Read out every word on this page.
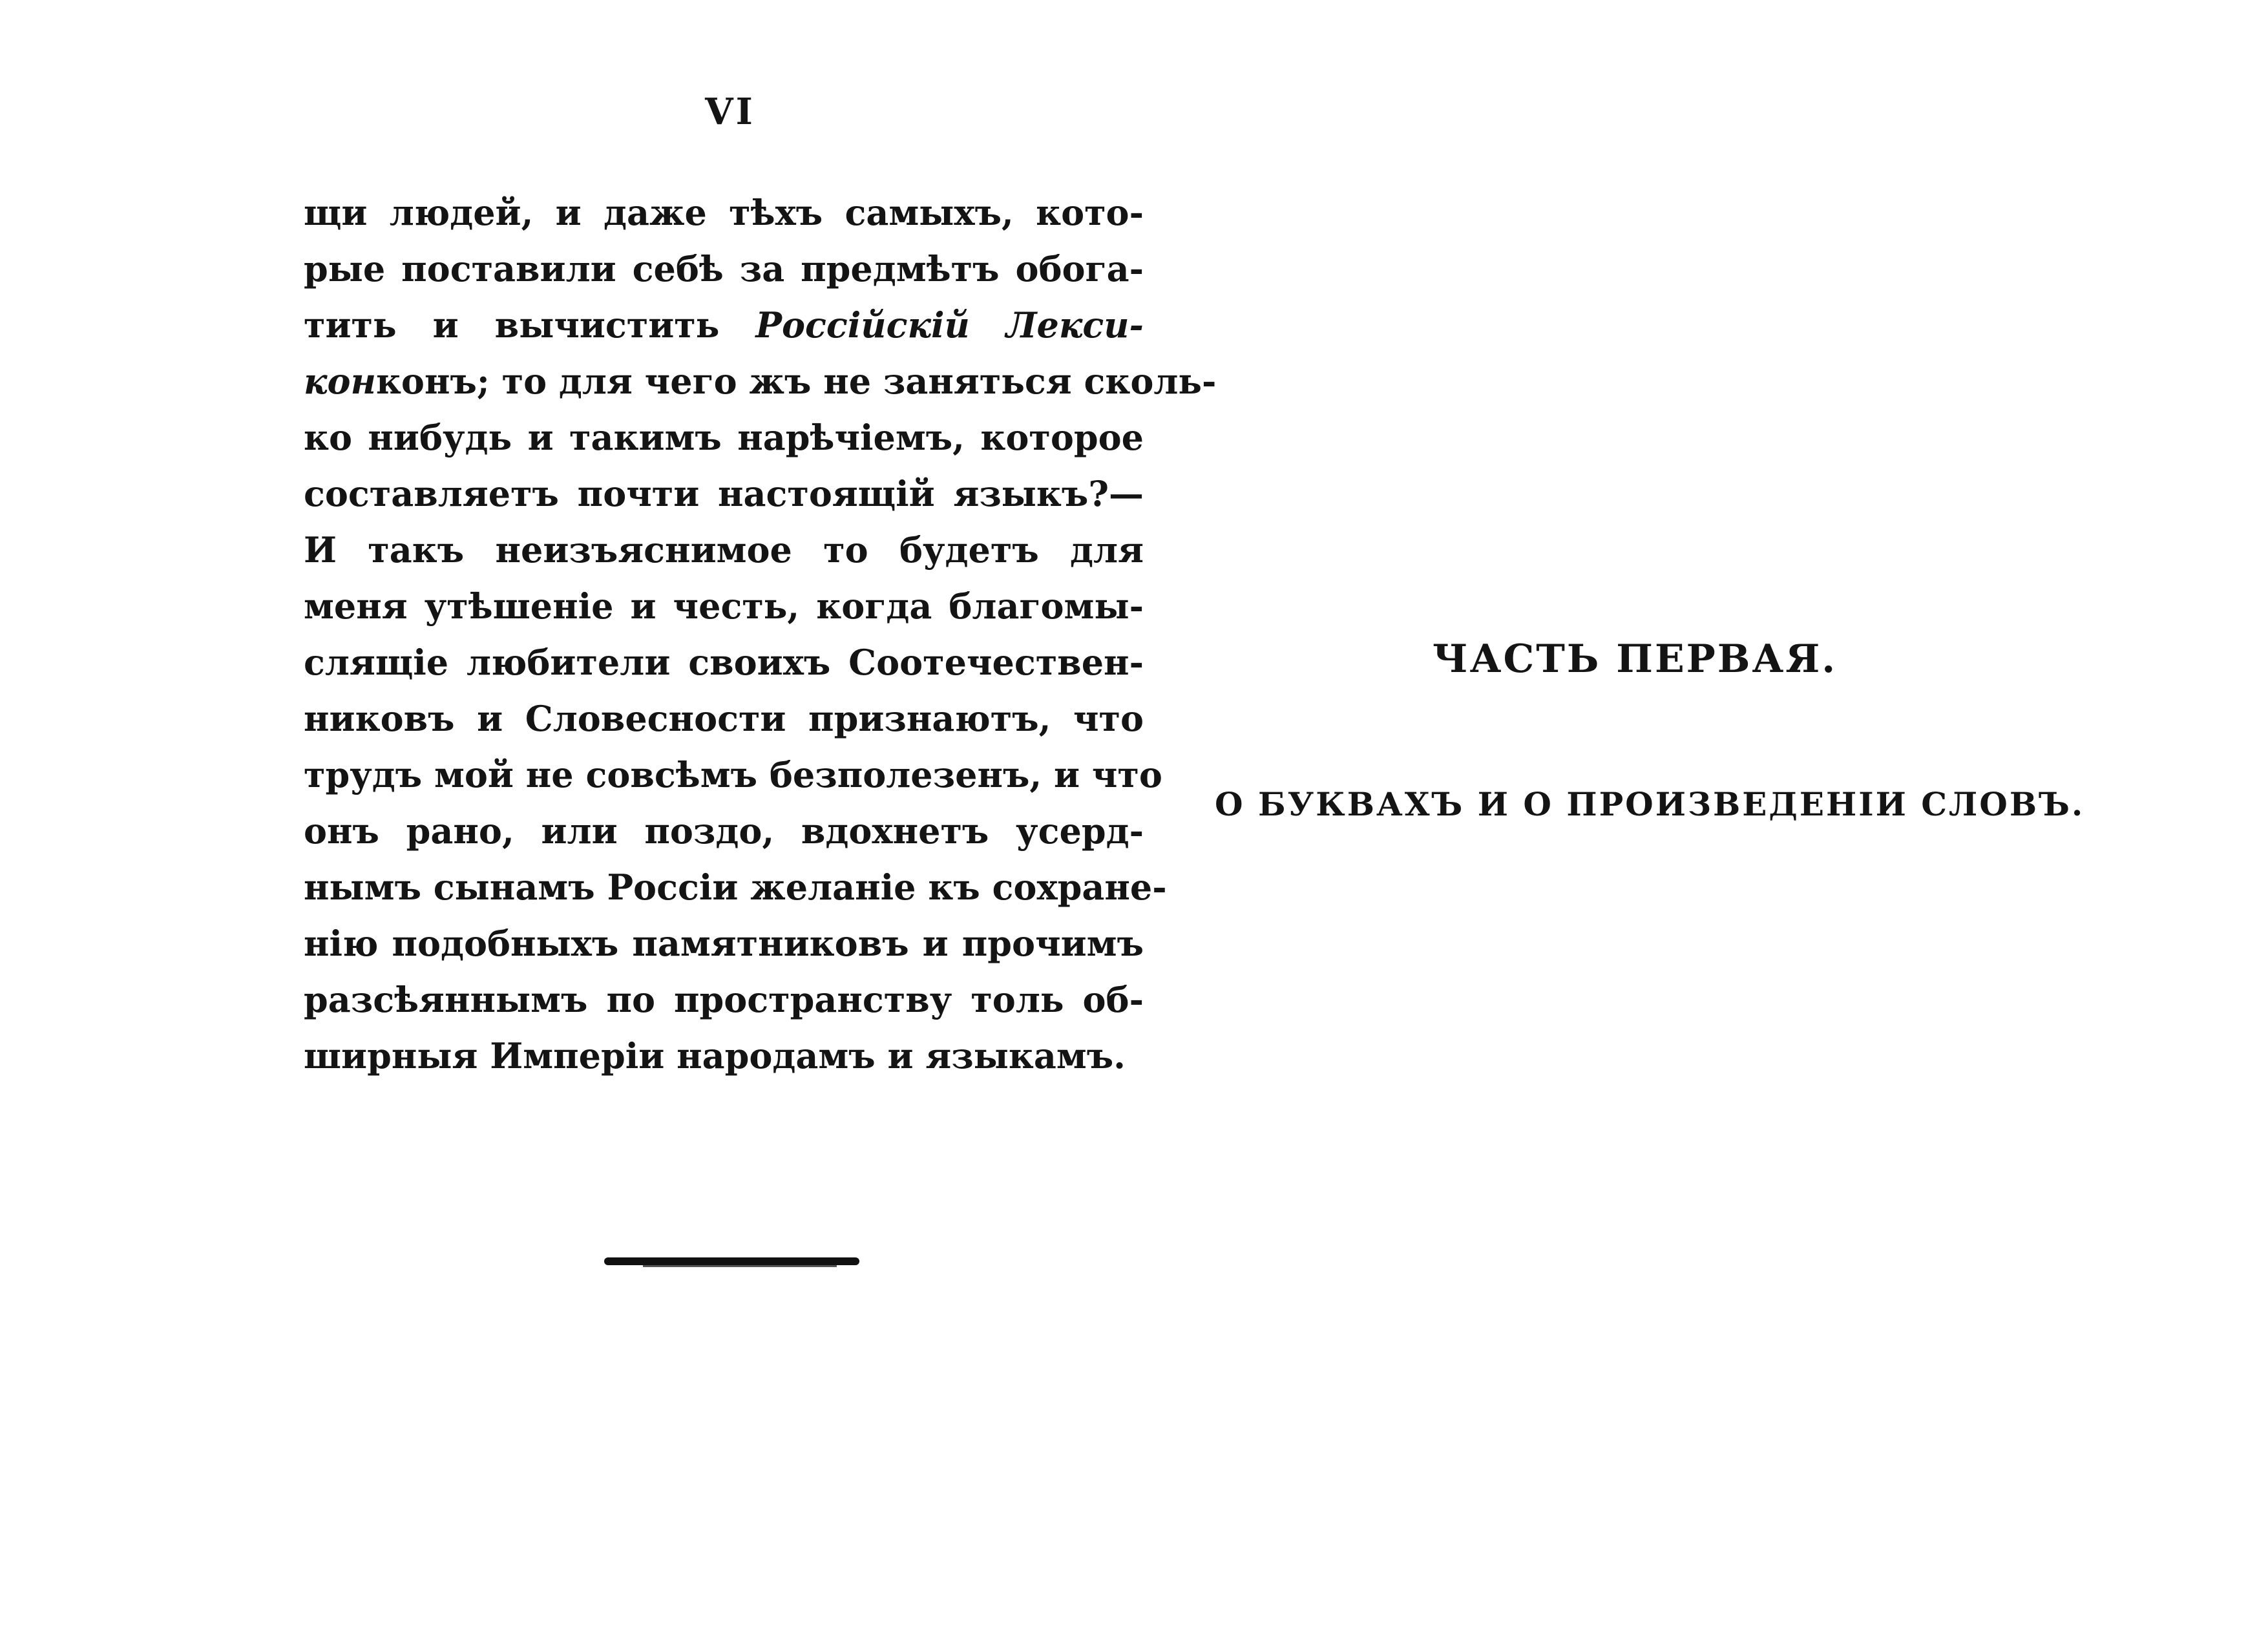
VI

щи людей, и даже тѣхъ самыхъ, кото-
рые поставили себѣ за предмѣтъ обога-
тить и вычистить Россійскій Лекси-
конконъ; то для чего жъ не заняться сколь-
ко нибудь и такимъ нарѣчіемъ, которое
составляетъ почти настоящій языкъ?—
И такъ неизъяснимое то будетъ для
меня утѣшеніе и честь, когда благомы-
слящіе любители своихъ Соотечествен-
никовъ и Словесности признаютъ, что
трудъ мой не совсѣмъ безполезенъ, и что
онъ рано, или поздо, вдохнетъ усерд-
нымъ сынамъ Россіи желаніе къ сохране-
нію подобныхъ памятниковъ и прочимъ
разсѣяннымъ по пространству толь об-
ширныя Имперіи народамъ и языкамъ.

ЧАСТЬ ПЕРВАЯ.

О БУКВАХЪ И О ПРОИЗВЕДЕНІИ СЛОВЪ.
